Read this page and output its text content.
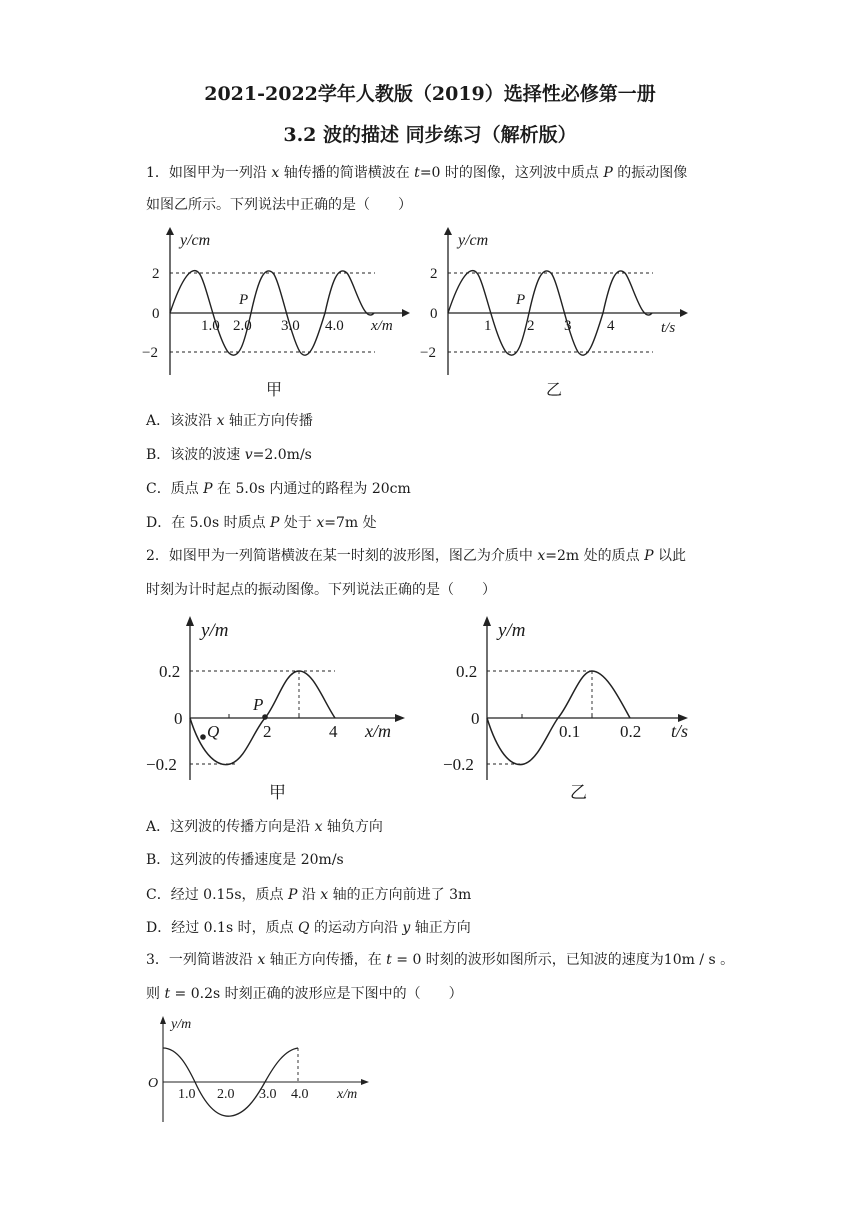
2021-2022学年人教版（2019）选择性必修第一册
3.2 波的描述 同步练习（解析版）
1．如图甲为一列沿 x 轴传播的简谐横波在 t=0 时的图像，这列波中质点 P 的振动图像
如图乙所示。下列说法中正确的是（　　）
y/cm
2
0
−2
1.0 2.0 3.0 4.0 x/m
P
甲
y/cm
2
0
−2
1 2 3 4	t/s
P
乙
A．该波沿 x 轴正方向传播
B．该波的波速 v=2.0m/s
C．质点 P 在 5.0s 内通过的路程为 20cm
D．在 5.0s 时质点 P 处于 x=7m 处
2．如图甲为一列简谐横波在某一时刻的波形图，图乙为介质中 x=2m 处的质点 P 以此
时刻为计时起点的振动图像。下列说法正确的是（　　）
y/m
0.2
0
−0.2
2	4 x/m
P
Q
甲
y/m
0.2
0
−0.2
0.1 0.2 t/s
乙
A．这列波的传播方向是沿 x 轴负方向
B．这列波的传播速度是 20m/s
C．经过 0.15s，质点 P 沿 x 轴的正方向前进了 3m
D．经过 0.1s 时，质点 Q 的运动方向沿 y 轴正方向
3．一列简谐波沿 x 轴正方向传播，在 t = 0 时刻的波形如图所示，已知波的速度为10m / s 。
则 t = 0.2s 时刻正确的波形应是下图中的（　　）
y/m
O
1.0 2.0 3.0 4.0 x/m
